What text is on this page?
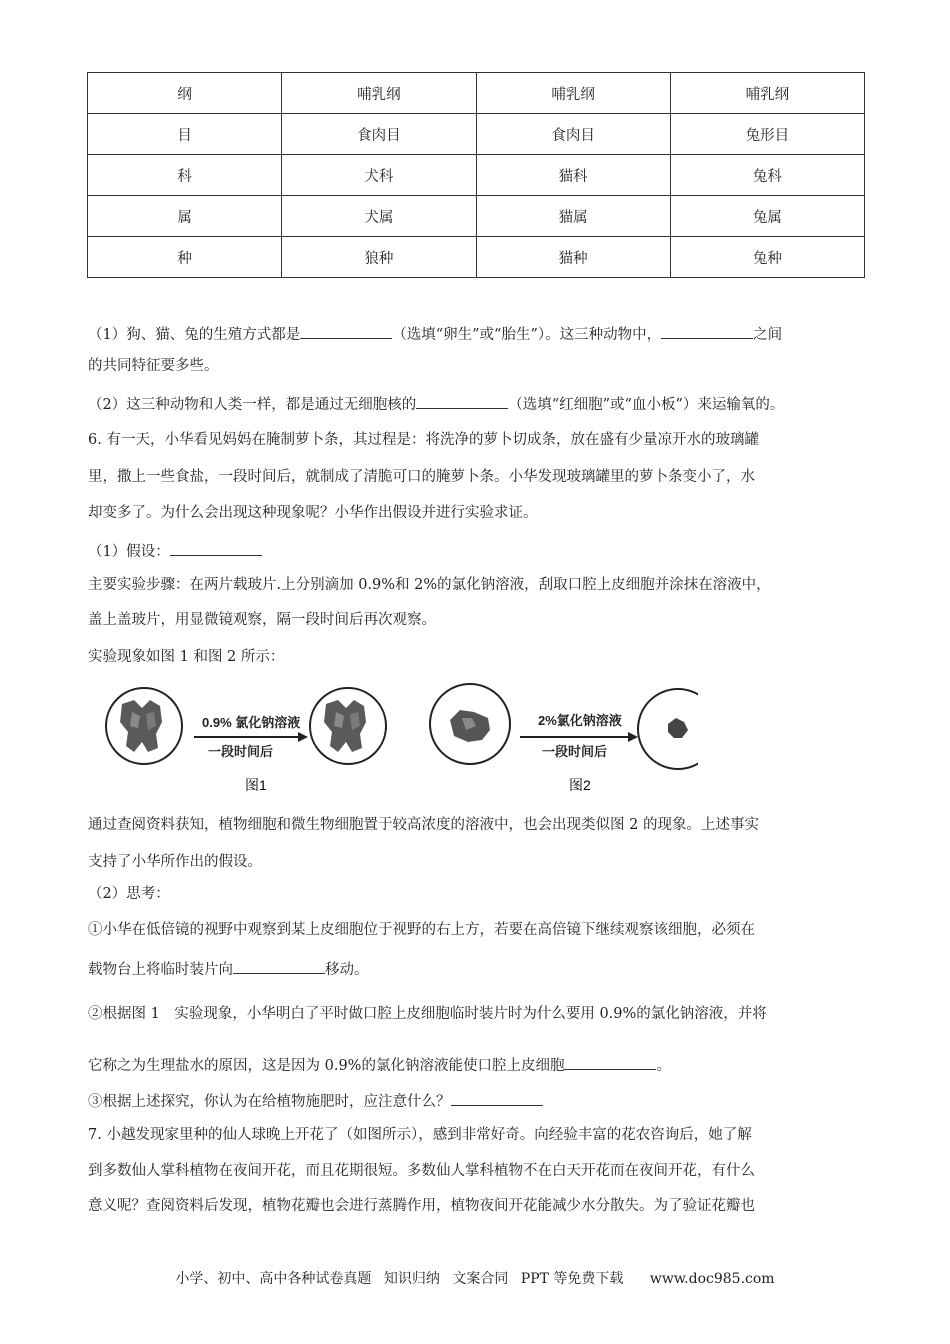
纲	哺乳纲	哺乳纲	哺乳纲
目	食肉目	食肉目	兔形目
科	犬科	猫科	兔科
属	犬属	猫属	兔属
种	狼种	猫种	兔种
（1）狗、猫、兔的生殖方式都是	（选填“卵生”或“胎生”）。这三种动物中，	之间
的共同特征要多些。
（2）这三种动物和人类一样，都是通过无细胞核的	（选填“红细胞”或“血小板”）来运输氧的。
6. 有一天，小华看见妈妈在腌制萝卜条，其过程是：将洗净的萝卜切成条，放在盛有少量凉开水的玻璃罐
里，撒上一些食盐，一段时间后，就制成了清脆可口的腌萝卜条。小华发现玻璃罐里的萝卜条变小了，水
却变多了。为什么会出现这种现象呢？小华作出假设并进行实验求证。
（1）假设：
主要实验步骤：在两片载玻片.上分别滴加 0.9%和 2%的氯化钠溶液，刮取口腔上皮细胞并涂抹在溶液中，
盖上盖玻片，用显微镜观察，隔一段时间后再次观察。
实验现象如图 1 和图 2 所示：
0.9% 氯化钠溶液
一段时间后
图1
2%氯化钠溶液
一段时间后
图2
通过查阅资料获知，植物细胞和微生物细胞置于较高浓度的溶液中，也会出现类似图 2 的现象。上述事实
支持了小华所作出的假设。
（2）思考：
①小华在低倍镜的视野中观察到某上皮细胞位于视野的右上方，若要在高倍镜下继续观察该细胞，必须在
载物台上将临时装片向	移动。
②根据图 1　实验现象，小华明白了平时做口腔上皮细胞临时装片时为什么要用 0.9%的氯化钠溶液，并将
它称之为生理盐水的原因，这是因为 0.9%的氯化钠溶液能使口腔上皮细胞	。
③根据上述探究，你认为在给植物施肥时，应注意什么？
7. 小越发现家里种的仙人球晚上开花了（如图所示），感到非常好奇。向经验丰富的花农咨询后，她了解
到多数仙人掌科植物在夜间开花，而且花期很短。多数仙人掌科植物不在白天开花而在夜间开花，有什么
意义呢？查阅资料后发现，植物花瓣也会进行蒸腾作用，植物夜间开花能减少水分散失。为了验证花瓣也
小学、初中、高中各种试卷真题 知识归纳 文案合同 PPT 等免费下载 www.doc985.com
